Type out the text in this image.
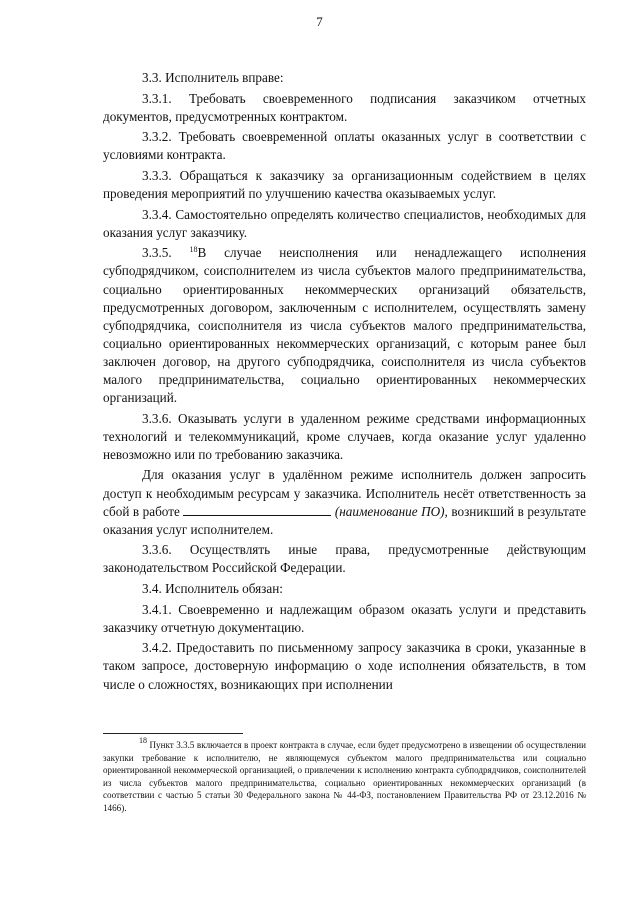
7

3.3. Исполнитель вправе:

3.3.1. Требовать своевременного подписания заказчиком отчетных документов, предусмотренных контрактом.

3.3.2. Требовать своевременной оплаты оказанных услуг в соответствии с условиями контракта.

3.3.3. Обращаться к заказчику за организационным содействием в целях проведения мероприятий по улучшению качества оказываемых услуг.

3.3.4. Самостоятельно определять количество специалистов, необходимых для оказания услуг заказчику.

3.3.5. $^{18}$В случае неисполнения или ненадлежащего исполнения субподрядчиком, соисполнителем из числа субъектов малого предпринимательства, социально ориентированных некоммерческих организаций обязательств, предусмотренных договором, заключенным с исполнителем, осуществлять замену субподрядчика, соисполнителя из числа субъектов малого предпринимательства, социально ориентированных некоммерческих организаций, с которым ранее был заключен договор, на другого субподрядчика, соисполнителя из числа субъектов малого предпринимательства, социально ориентированных некоммерческих организаций.

3.3.6. Оказывать услуги в удаленном режиме средствами информационных технологий и телекоммуникаций, кроме случаев, когда оказание услуг удаленно невозможно или по требованию заказчика.

Для оказания услуг в удалённом режиме исполнитель должен запросить доступ к необходимым ресурсам у заказчика. Исполнитель несёт ответственность за сбой в работе	(наименование ПО), возникший в результате оказания услуг исполнителем.

3.3.6. Осуществлять иные права, предусмотренные действующим законодательством Российской Федерации.

3.4. Исполнитель обязан:

3.4.1. Своевременно и надлежащим образом оказать услуги и представить заказчику отчетную документацию.

3.4.2. Предоставить по письменному запросу заказчика в сроки, указанные в таком запросе, достоверную информацию о ходе исполнения обязательств, в том числе о сложностях, возникающих при исполнении

$^{18}$ Пункт 3.3.5 включается в проект контракта в случае, если будет предусмотрено в извещении об осуществлении закупки требование к исполнителю, не являющемуся субъектом малого предпринимательства или социально ориентированной некоммерческой организацией, о привлечении к исполнению контракта субподрядчиков, соисполнителей из числа субъектов малого предпринимательства, социально ориентированных некоммерческих организаций (в соответствии с частью 5 статьи 30 Федерального закона № 44-ФЗ, постановлением Правительства РФ от 23.12.2016 № 1466).
